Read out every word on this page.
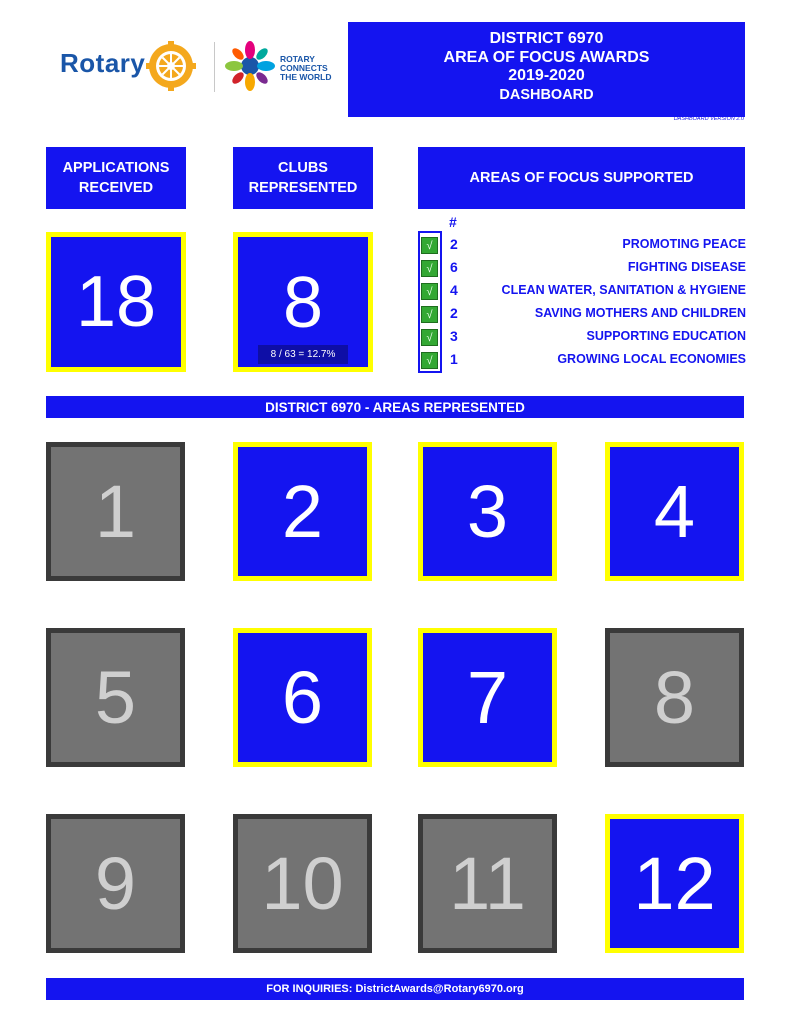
Rotary	ROTARY
CONNECTS
THE WORLD
DISTRICT 6970
AREA OF FOCUS AWARDS
2019-2020
DASHBOARD
DASHBOARD VERSION 2.0
APPLICATIONS RECEIVED
CLUBS REPRESENTED
AREAS OF FOCUS SUPPORTED
18 8
8 / 63 = 12.7%
#
√	2	PROMOTING PEACE
√	6	FIGHTING DISEASE
√	4	CLEAN WATER, SANITATION & HYGIENE
√	2	SAVING MOTHERS AND CHILDREN
√	3	SUPPORTING EDUCATION
√	1	GROWING LOCAL ECONOMIES
DISTRICT 6970 - AREAS REPRESENTED
1 2 3 4
5 6 7 8
9 10 11 12
FOR INQUIRIES: DistrictAwards@Rotary6970.org
